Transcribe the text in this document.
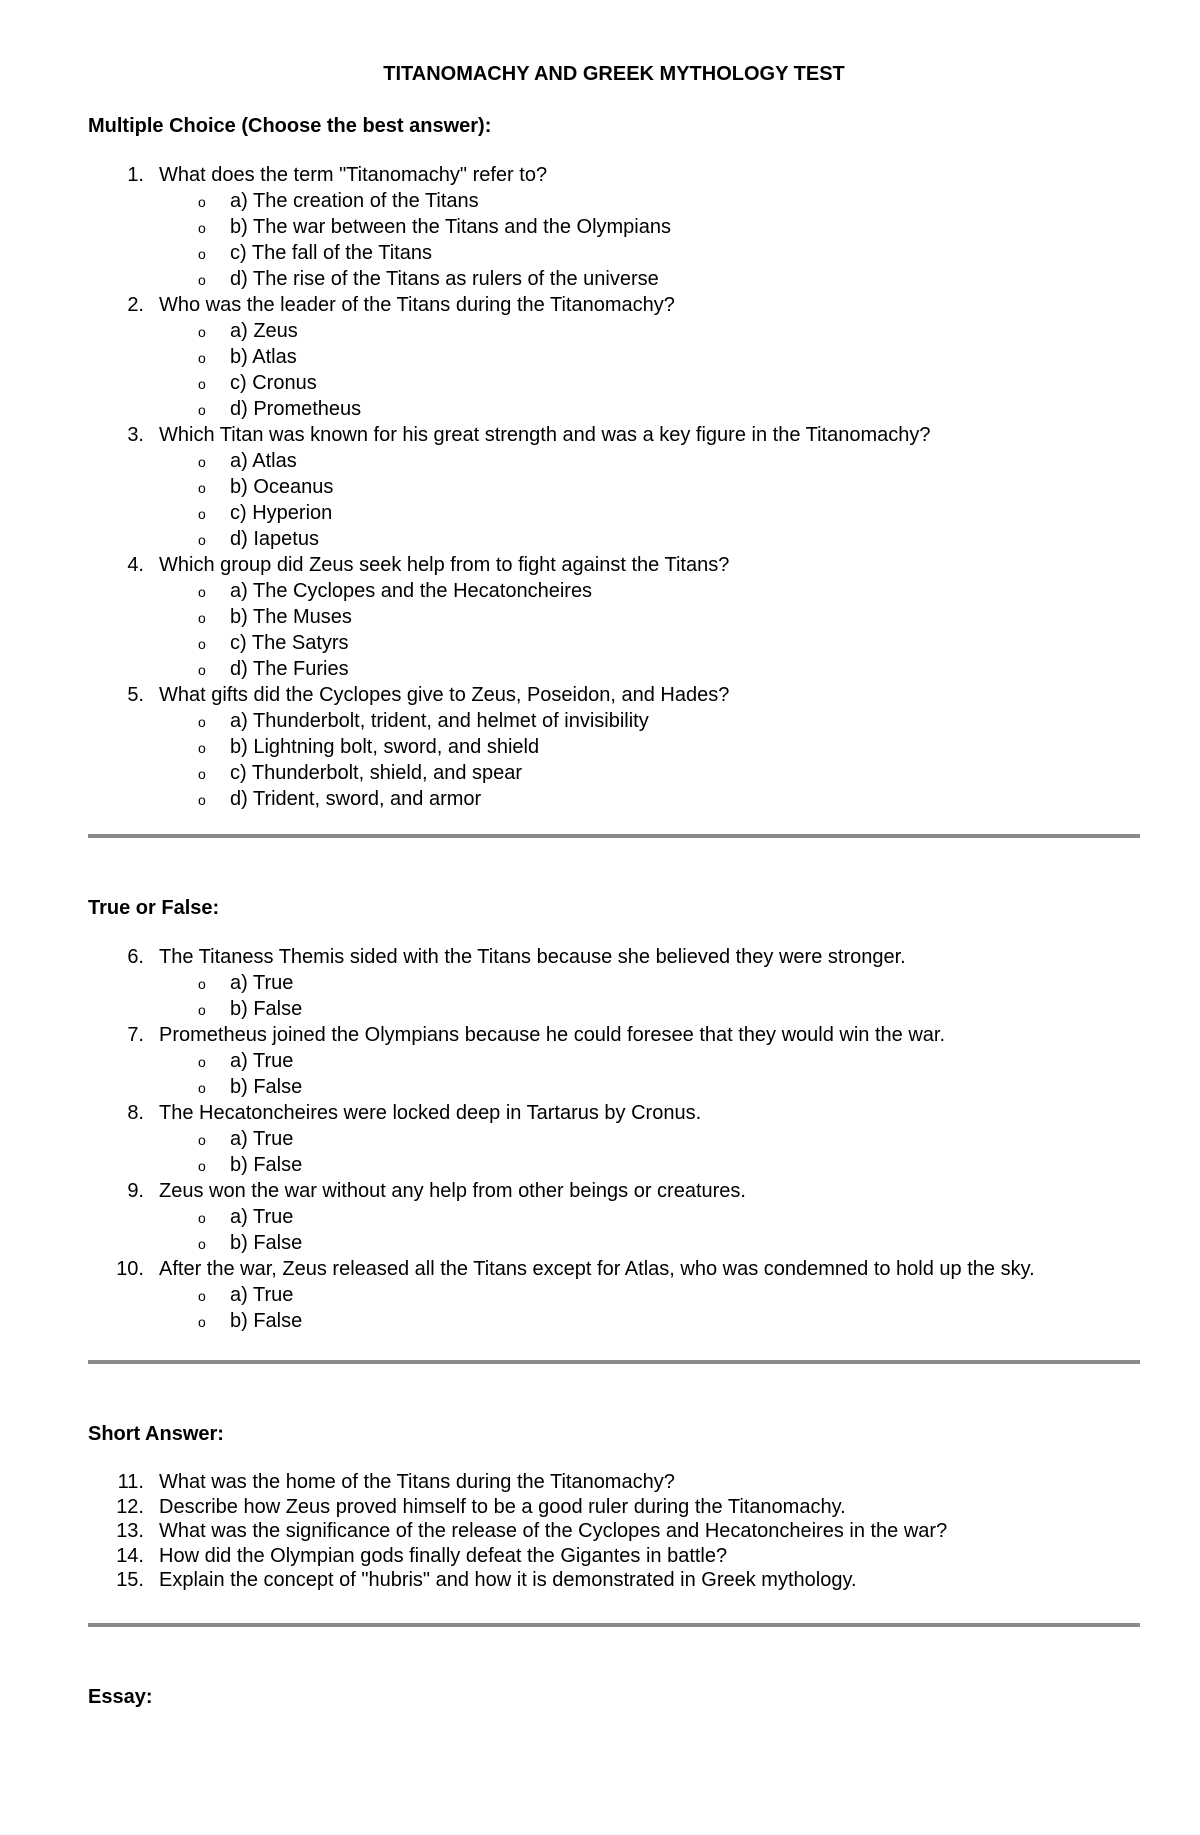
TITANOMACHY AND GREEK MYTHOLOGY TEST
Multiple Choice (Choose the best answer):
1. What does the term "Titanomachy" refer to?
o a) The creation of the Titans
o b) The war between the Titans and the Olympians
o c) The fall of the Titans
o d) The rise of the Titans as rulers of the universe
2. Who was the leader of the Titans during the Titanomachy?
o a) Zeus
o b) Atlas
o c) Cronus
o d) Prometheus
3. Which Titan was known for his great strength and was a key figure in the Titanomachy?
o a) Atlas
o b) Oceanus
o c) Hyperion
o d) Iapetus
4. Which group did Zeus seek help from to fight against the Titans?
o a) The Cyclopes and the Hecatoncheires
o b) The Muses
o c) The Satyrs
o d) The Furies
5. What gifts did the Cyclopes give to Zeus, Poseidon, and Hades?
o a) Thunderbolt, trident, and helmet of invisibility
o b) Lightning bolt, sword, and shield
o c) Thunderbolt, shield, and spear
o d) Trident, sword, and armor
True or False:
6. The Titaness Themis sided with the Titans because she believed they were stronger.
o a) True
o b) False
7. Prometheus joined the Olympians because he could foresee that they would win the war.
o a) True
o b) False
8. The Hecatoncheires were locked deep in Tartarus by Cronus.
o a) True
o b) False
9. Zeus won the war without any help from other beings or creatures.
o a) True
o b) False
10. After the war, Zeus released all the Titans except for Atlas, who was condemned to hold up the sky.
o a) True
o b) False
Short Answer:
11. What was the home of the Titans during the Titanomachy?
12. Describe how Zeus proved himself to be a good ruler during the Titanomachy.
13. What was the significance of the release of the Cyclopes and Hecatoncheires in the war?
14. How did the Olympian gods finally defeat the Gigantes in battle?
15. Explain the concept of "hubris" and how it is demonstrated in Greek mythology.
Essay:
